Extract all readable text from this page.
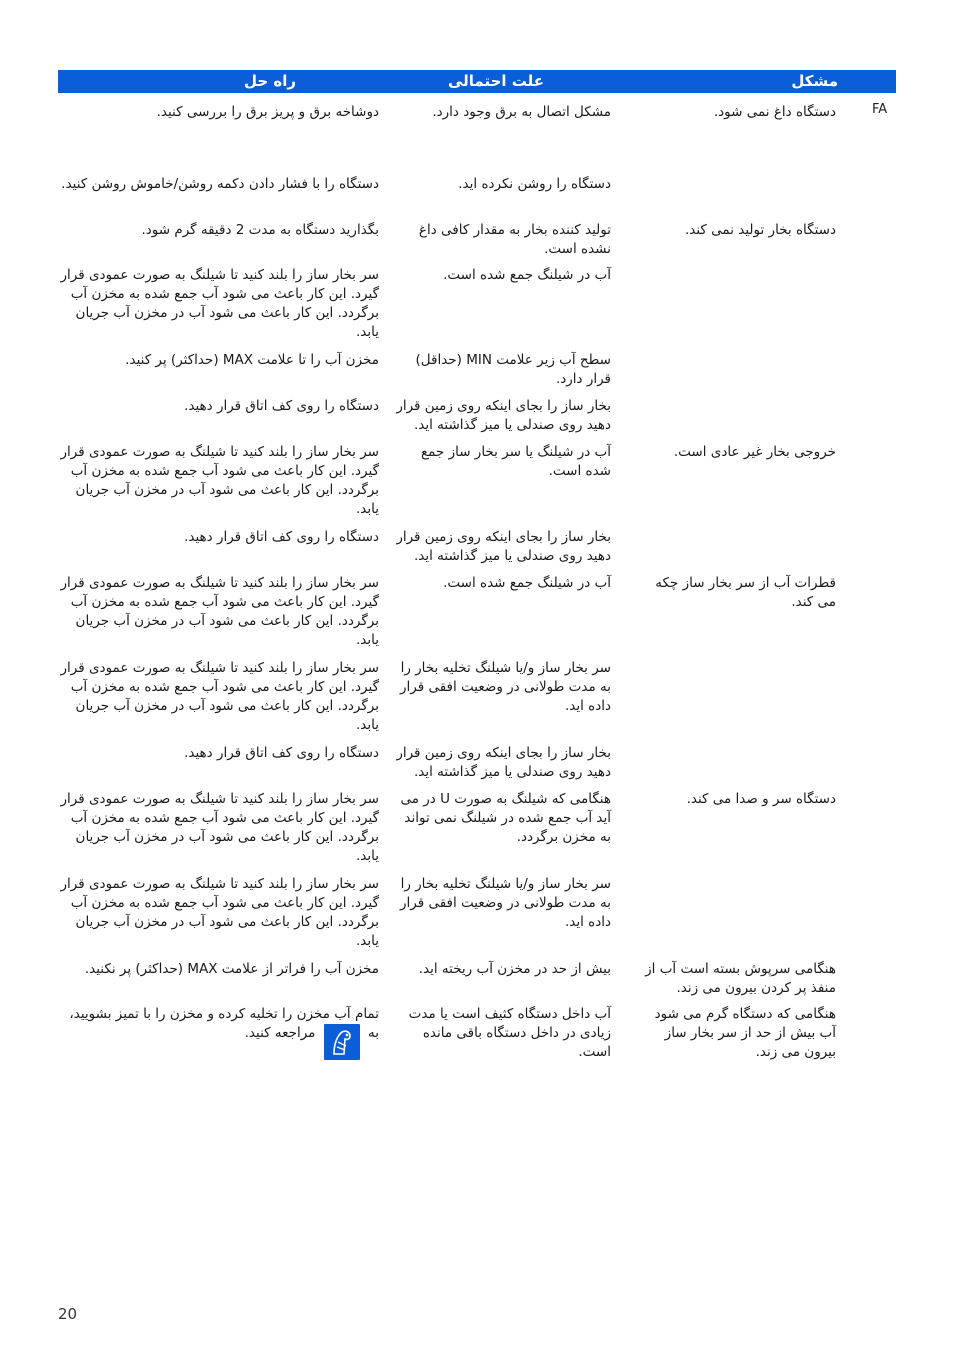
FA
مشکل
علت احتمالی
راه حل
دستگاه داغ نمی شود.
مشکل اتصال به برق وجود دارد.
دوشاخه برق و پریز برق را بررسی کنید.
دستگاه را روشن نکرده اید.
دستگاه را با فشار دادن دکمه روشن/خاموش روشن کنید.
دستگاه بخار تولید نمی کند.
تولید کننده بخار به مقدار کافی داغ نشده است.
بگذارید دستگاه به مدت 2 دقیقه گرم شود.
آب در شیلنگ جمع شده است.
سر بخار ساز را بلند کنید تا شیلنگ به صورت عمودی قرار گیرد. این کار باعث می شود آب جمع شده به مخزن آب برگردد. این کار باعث می شود آب در مخزن آب جریان یابد.
سطح آب زیر علامت MIN (حداقل) قرار دارد.
مخزن آب را تا علامت MAX (حداکثر) پر کنید.
بخار ساز را بجای اینکه روی زمین قرار دهید روی صندلی یا میز گذاشته اید.
دستگاه را روی کف اتاق قرار دهید.
خروجی بخار غیر عادی است.
آب در شیلنگ یا سر بخار ساز جمع شده است.
سر بخار ساز را بلند کنید تا شیلنگ به صورت عمودی قرار گیرد. این کار باعث می شود آب جمع شده به مخزن آب برگردد. این کار باعث می شود آب در مخزن آب جریان یابد.
بخار ساز را بجای اینکه روی زمین قرار دهید روی صندلی یا میز گذاشته اید.
دستگاه را روی کف اتاق قرار دهید.
قطرات آب از سر بخار ساز چکه می کند.
آب در شیلنگ جمع شده است.
سر بخار ساز را بلند کنید تا شیلنگ به صورت عمودی قرار گیرد. این کار باعث می شود آب جمع شده به مخزن آب برگردد. این کار باعث می شود آب در مخزن آب جریان یابد.
سر بخار ساز و/یا شیلنگ تخلیه بخار را به مدت طولانی در وضعیت افقی قرار داده اید.
سر بخار ساز را بلند کنید تا شیلنگ به صورت عمودی قرار گیرد. این کار باعث می شود آب جمع شده به مخزن آب برگردد. این کار باعث می شود آب در مخزن آب جریان یابد.
بخار ساز را بجای اینکه روی زمین قرار دهید روی صندلی یا میز گذاشته اید.
دستگاه را روی کف اتاق قرار دهید.
دستگاه سر و صدا می کند.
هنگامی که شیلنگ به صورت U در می آید آب جمع شده در شیلنگ نمی تواند به مخزن برگردد.
سر بخار ساز را بلند کنید تا شیلنگ به صورت عمودی قرار گیرد. این کار باعث می شود آب جمع شده به مخزن آب برگردد. این کار باعث می شود آب در مخزن آب جریان یابد.
سر بخار ساز و/یا شیلنگ تخلیه بخار را به مدت طولانی در وضعیت افقی قرار داده اید.
سر بخار ساز را بلند کنید تا شیلنگ به صورت عمودی قرار گیرد. این کار باعث می شود آب جمع شده به مخزن آب برگردد. این کار باعث می شود آب در مخزن آب جریان یابد.
هنگامی سرپوش بسته است آب از منفذ پر کردن بیرون می زند.
بیش از حد در مخزن آب ریخته اید.
مخزن آب را فراتر از علامت MAX (حداکثر) پر نکنید.
هنگامی که دستگاه گرم می شود آب بیش از حد از سر بخار ساز بیرون می زند.
آب داخل دستگاه کثیف است یا مدت زیادی در داخل دستگاه باقی مانده است.
تمام آب مخزن را تخلیه کرده و مخزن را با تمیز بشویید، به  مراجعه کنید.
20
